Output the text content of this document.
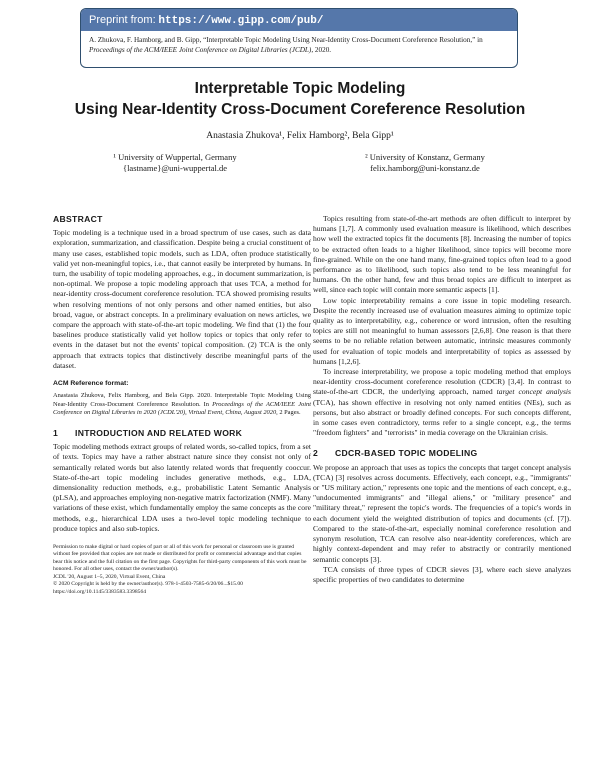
Preprint from: https://www.gipp.com/pub/
A. Zhukova, F. Hamborg, and B. Gipp, “Interpretable Topic Modeling Using Near-Identity Cross-Document Coreference Resolution,” in Proceedings of the ACM/IEEE Joint Conference on Digital Libraries (JCDL), 2020.
Interpretable Topic Modeling
Using Near-Identity Cross-Document Coreference Resolution
Anastasia Zhukova¹, Felix Hamborg², Bela Gipp¹
¹ University of Wuppertal, Germany
{lastname}@uni-wuppertal.de
² University of Konstanz, Germany
felix.hamborg@uni-konstanz.de
ABSTRACT

Topic modeling is a technique used in a broad spectrum of use cases, such as data exploration, summarization, and classification. Despite being a crucial constituent of many use cases, established topic models, such as LDA, often produce statistically valid yet non-meaningful topics, i.e., that cannot easily be interpreted by humans. In turn, the usability of topic modeling approaches, e.g., in document summarization, is non-optimal. We propose a topic modeling approach that uses TCA, a method for near-identity cross-document coreference resolution. TCA showed promising results when resolving mentions of not only persons and other named entities, but also broad, vague, or abstract concepts. In a preliminary evaluation on news articles, we compare the approach with state-of-the-art topic modeling. We find that (1) the four baselines produce statistically valid yet hollow topics or topics that only refer to events in the dataset but not the events' topical composition. (2) TCA is the only approach that extracts topics that distinctively describe meaningful parts of the dataset.

ACM Reference format:

Anastasia Zhukova, Felix Hamborg, and Bela Gipp. 2020. Interpretable Topic Modeling Using Near-Identity Cross-Document Coreference Resolution. In Proceedings of the ACM/IEEE Joint Conference on Digital Libraries in 2020 (JCDL'20), Virtual Event, China, August 2020, 2 Pages.

1 INTRODUCTION AND RELATED WORK

Topic modeling methods extract groups of related words, so-called topics, from a set of texts. Topics may have a rather abstract nature since they consist not only of semantically related words but also latently related words that frequently cooccur. State-of-the-art topic modeling includes generative methods, e.g., LDA, dimensionality reduction methods, e.g., probabilistic Latent Semantic Analysis (pLSA), and approaches employing non-negative matrix factorization (NMF). Many variations of these exist, which fundamentally employ the same concepts as the core methods, e.g., hierarchical LDA uses a two-level topic modeling technique to produce topics and also sub-topics.

Permission to make digital or hard copies of part or all of this work for personal or classroom use is granted without fee provided that copies are not made or distributed for profit or commercial advantage and that copies bear this notice and the full citation on the first page. Copyrights for third-party components of this work must be honored. For all other uses, contact the owner/author(s).
JCDL '20, August 1–5, 2020, Virtual Event, China
© 2020 Copyright is held by the owner/author(s). 978-1-4503-7585-6/20/06...$15.00
https://doi.org/10.1145/3383583.3398564

Topics resulting from state-of-the-art methods are often difficult to interpret by humans [1,7]. A commonly used evaluation measure is likelihood, which describes how well the extracted topics fit the documents [8]. Increasing the number of topics to be extracted often leads to a higher likelihood, since topics will become more fine-grained. While on the one hand many, fine-grained topics often lead to a good performance as to likelihood, such topics also tend to be less meaningful for humans. On the other hand, few and thus broad topics are difficult to interpret as well, since each topic will contain more semantic aspects [1].

Low topic interpretability remains a core issue in topic modeling research. Despite the recently increased use of evaluation measures aiming to optimize topic quality as to interpretability, e.g., coherence or word intrusion, often the resulting topics are still not meaningful to human assessors [2,6,8]. One reason is that there seems to be no reliable relation between automatic, intrinsic measures commonly used for evaluation of topic models and interpretability of topics as assessed by humans [1,2,6].

To increase interpretability, we propose a topic modeling method that employs near-identity cross-document coreference resolution (CDCR) [3,4]. In contrast to state-of-the-art CDCR, the underlying approach, named target concept analysis (TCA), has shown effective in resolving not only named entities (NEs), such as persons, but also abstract or broadly defined concepts. For such concepts different, in some cases even contradictory, terms refer to a single concept, e.g., the terms "freedom fighters" and "terrorists" in media coverage on the Ukrainian crisis.

2 CDCR-BASED TOPIC MODELING

We propose an approach that uses as topics the concepts that target concept analysis (TCA) [3] resolves across documents. Effectively, each concept, e.g., "immigrants" or "US military action," represents one topic and the mentions of each concept, e.g., "undocumented immigrants" and "illegal aliens," or "military presence" and "military threat," represent the topic's words. The frequencies of a topic's words in each document yield the weighted distribution of topics and documents (cf. [7]). Compared to the state-of-the-art, especially nominal coreference resolution and synonym resolution, TCA can resolve also near-identity coreferences, which are highly context-dependent and may refer to abstractly or contrarily mentioned semantic concepts [3].

TCA consists of three types of CDCR sieves [3], where each sieve analyzes specific properties of two candidates to determine
